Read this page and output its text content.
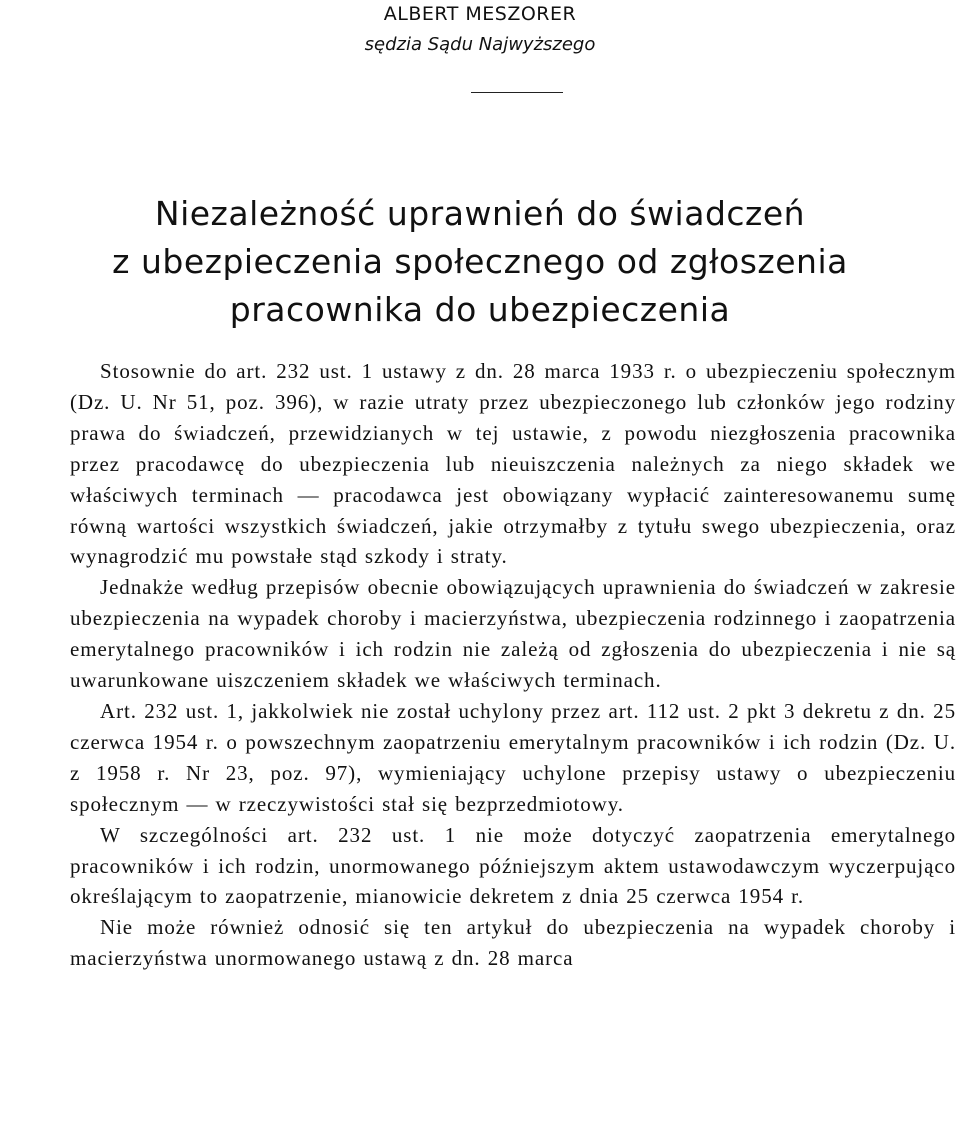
ALBERT MESZORER
sędzia Sądu Najwyższego
Niezależność uprawnień do świadczeń
z ubezpieczenia społecznego od zgłoszenia
pracownika do ubezpieczenia

Stosownie do art. 232 ust. 1 ustawy z dn. 28 marca 1933 r. o ubezpieczeniu społecznym (Dz. U. Nr 51, poz. 396), w razie utraty przez ubezpieczonego lub członków jego rodziny prawa do świadczeń, przewidzianych w tej ustawie, z powodu niezgłoszenia pracownika przez pracodawcę do ubezpieczenia lub nieuiszczenia należnych za niego składek we właściwych terminach — pracodawca jest obowiązany wypłacić zainteresowanemu sumę równą wartości wszystkich świadczeń, jakie otrzymałby z tytułu swego ubezpieczenia, oraz wynagrodzić mu powstałe stąd szkody i straty.

Jednakże według przepisów obecnie obowiązujących uprawnienia do świadczeń w zakresie ubezpieczenia na wypadek choroby i macierzyństwa, ubezpieczenia rodzinnego i zaopatrzenia emerytalnego pracowników i ich rodzin nie zależą od zgłoszenia do ubezpieczenia i nie są uwarunkowane uiszczeniem składek we właściwych terminach.

Art. 232 ust. 1, jakkolwiek nie został uchylony przez art. 112 ust. 2 pkt 3 dekretu z dn. 25 czerwca 1954 r. o powszechnym zaopatrzeniu emerytalnym pracowników i ich rodzin (Dz. U. z 1958 r. Nr 23, poz. 97), wymieniający uchylone przepisy ustawy o ubezpieczeniu społecznym — w rzeczywistości stał się bezprzedmiotowy.

W szczególności art. 232 ust. 1 nie może dotyczyć zaopatrzenia emerytalnego pracowników i ich rodzin, unormowanego późniejszym aktem ustawodawczym wyczerpująco określającym to zaopatrzenie, mianowicie dekretem z dnia 25 czerwca 1954 r.

Nie może również odnosić się ten artykuł do ubezpieczenia na wypadek choroby i macierzyństwa unormowanego ustawą z dn. 28 marca
